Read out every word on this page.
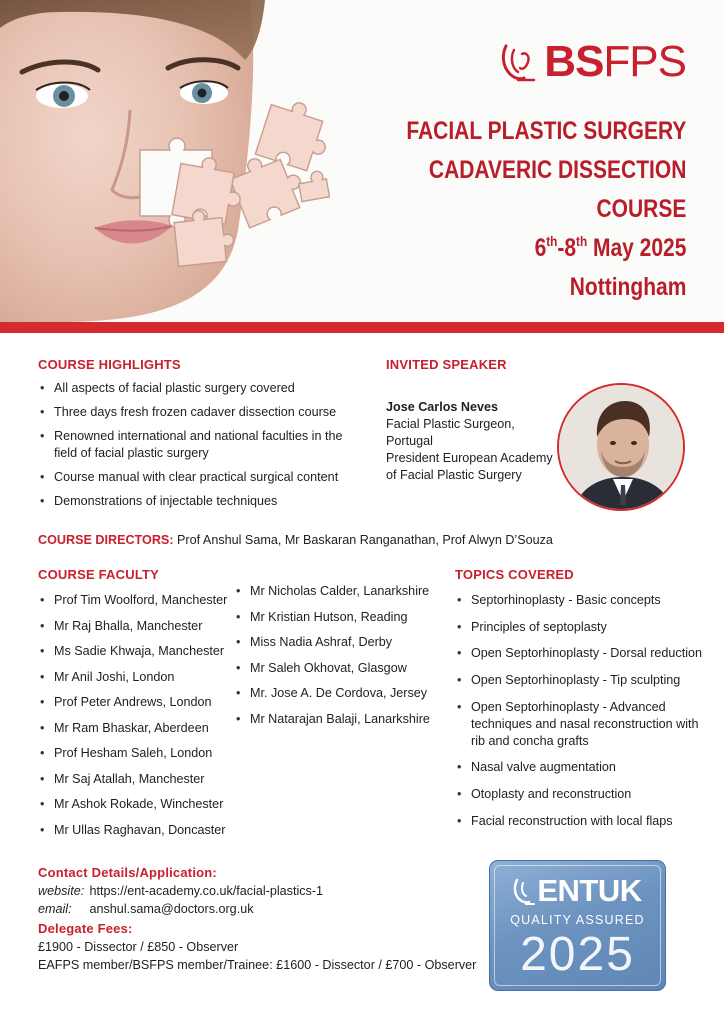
BS FPS
FACIAL PLASTIC SURGERY
CADAVERIC DISSECTION
COURSE
6th-8th May 2025
Nottingham
COURSE HIGHLIGHTS
• All aspects of facial plastic surgery covered
• Three days fresh frozen cadaver dissection course
• Renowned international and national faculties in the field of facial plastic surgery
• Course manual with clear practical surgical content
• Demonstrations of injectable techniques
INVITED SPEAKER
Jose Carlos Neves
Facial Plastic Surgeon,
Portugal
President European Academy
of Facial Plastic Surgery
COURSE DIRECTORS: Prof Anshul Sama, Mr Baskaran Ranganathan, Prof Alwyn D’Souza
COURSE FACULTY
• Prof Tim Woolford, Manchester
• Mr Raj Bhalla, Manchester
• Ms Sadie Khwaja, Manchester
• Mr Anil Joshi, London
• Prof Peter Andrews, London
• Mr Ram Bhaskar, Aberdeen
• Prof Hesham Saleh, London
• Mr Saj Atallah, Manchester
• Mr Ashok Rokade, Winchester
• Mr Ullas Raghavan, Doncaster
• Mr Nicholas Calder, Lanarkshire
• Mr Kristian Hutson, Reading
• Miss Nadia Ashraf, Derby
• Mr Saleh Okhovat, Glasgow
• Mr. Jose A. De Cordova, Jersey
• Mr Natarajan Balaji, Lanarkshire
TOPICS COVERED
• Septorhinoplasty - Basic concepts
• Principles of septoplasty
• Open Septorhinoplasty - Dorsal reduction
• Open Septorhinoplasty - Tip sculpting
• Open Septorhinoplasty - Advanced techniques and nasal reconstruction with rib and concha grafts
• Nasal valve augmentation
• Otoplasty and reconstruction
• Facial reconstruction with local flaps
Contact Details/Application:
website: https://ent-academy.co.uk/facial-plastics-1
email: anshul.sama@doctors.org.uk
Delegate Fees:
£1900 - Dissector / £850 - Observer
EAFPS member/BSFPS member/Trainee: £1600 - Dissector / £700 - Observer
ENTUK
QUALITY ASSURED
2025
